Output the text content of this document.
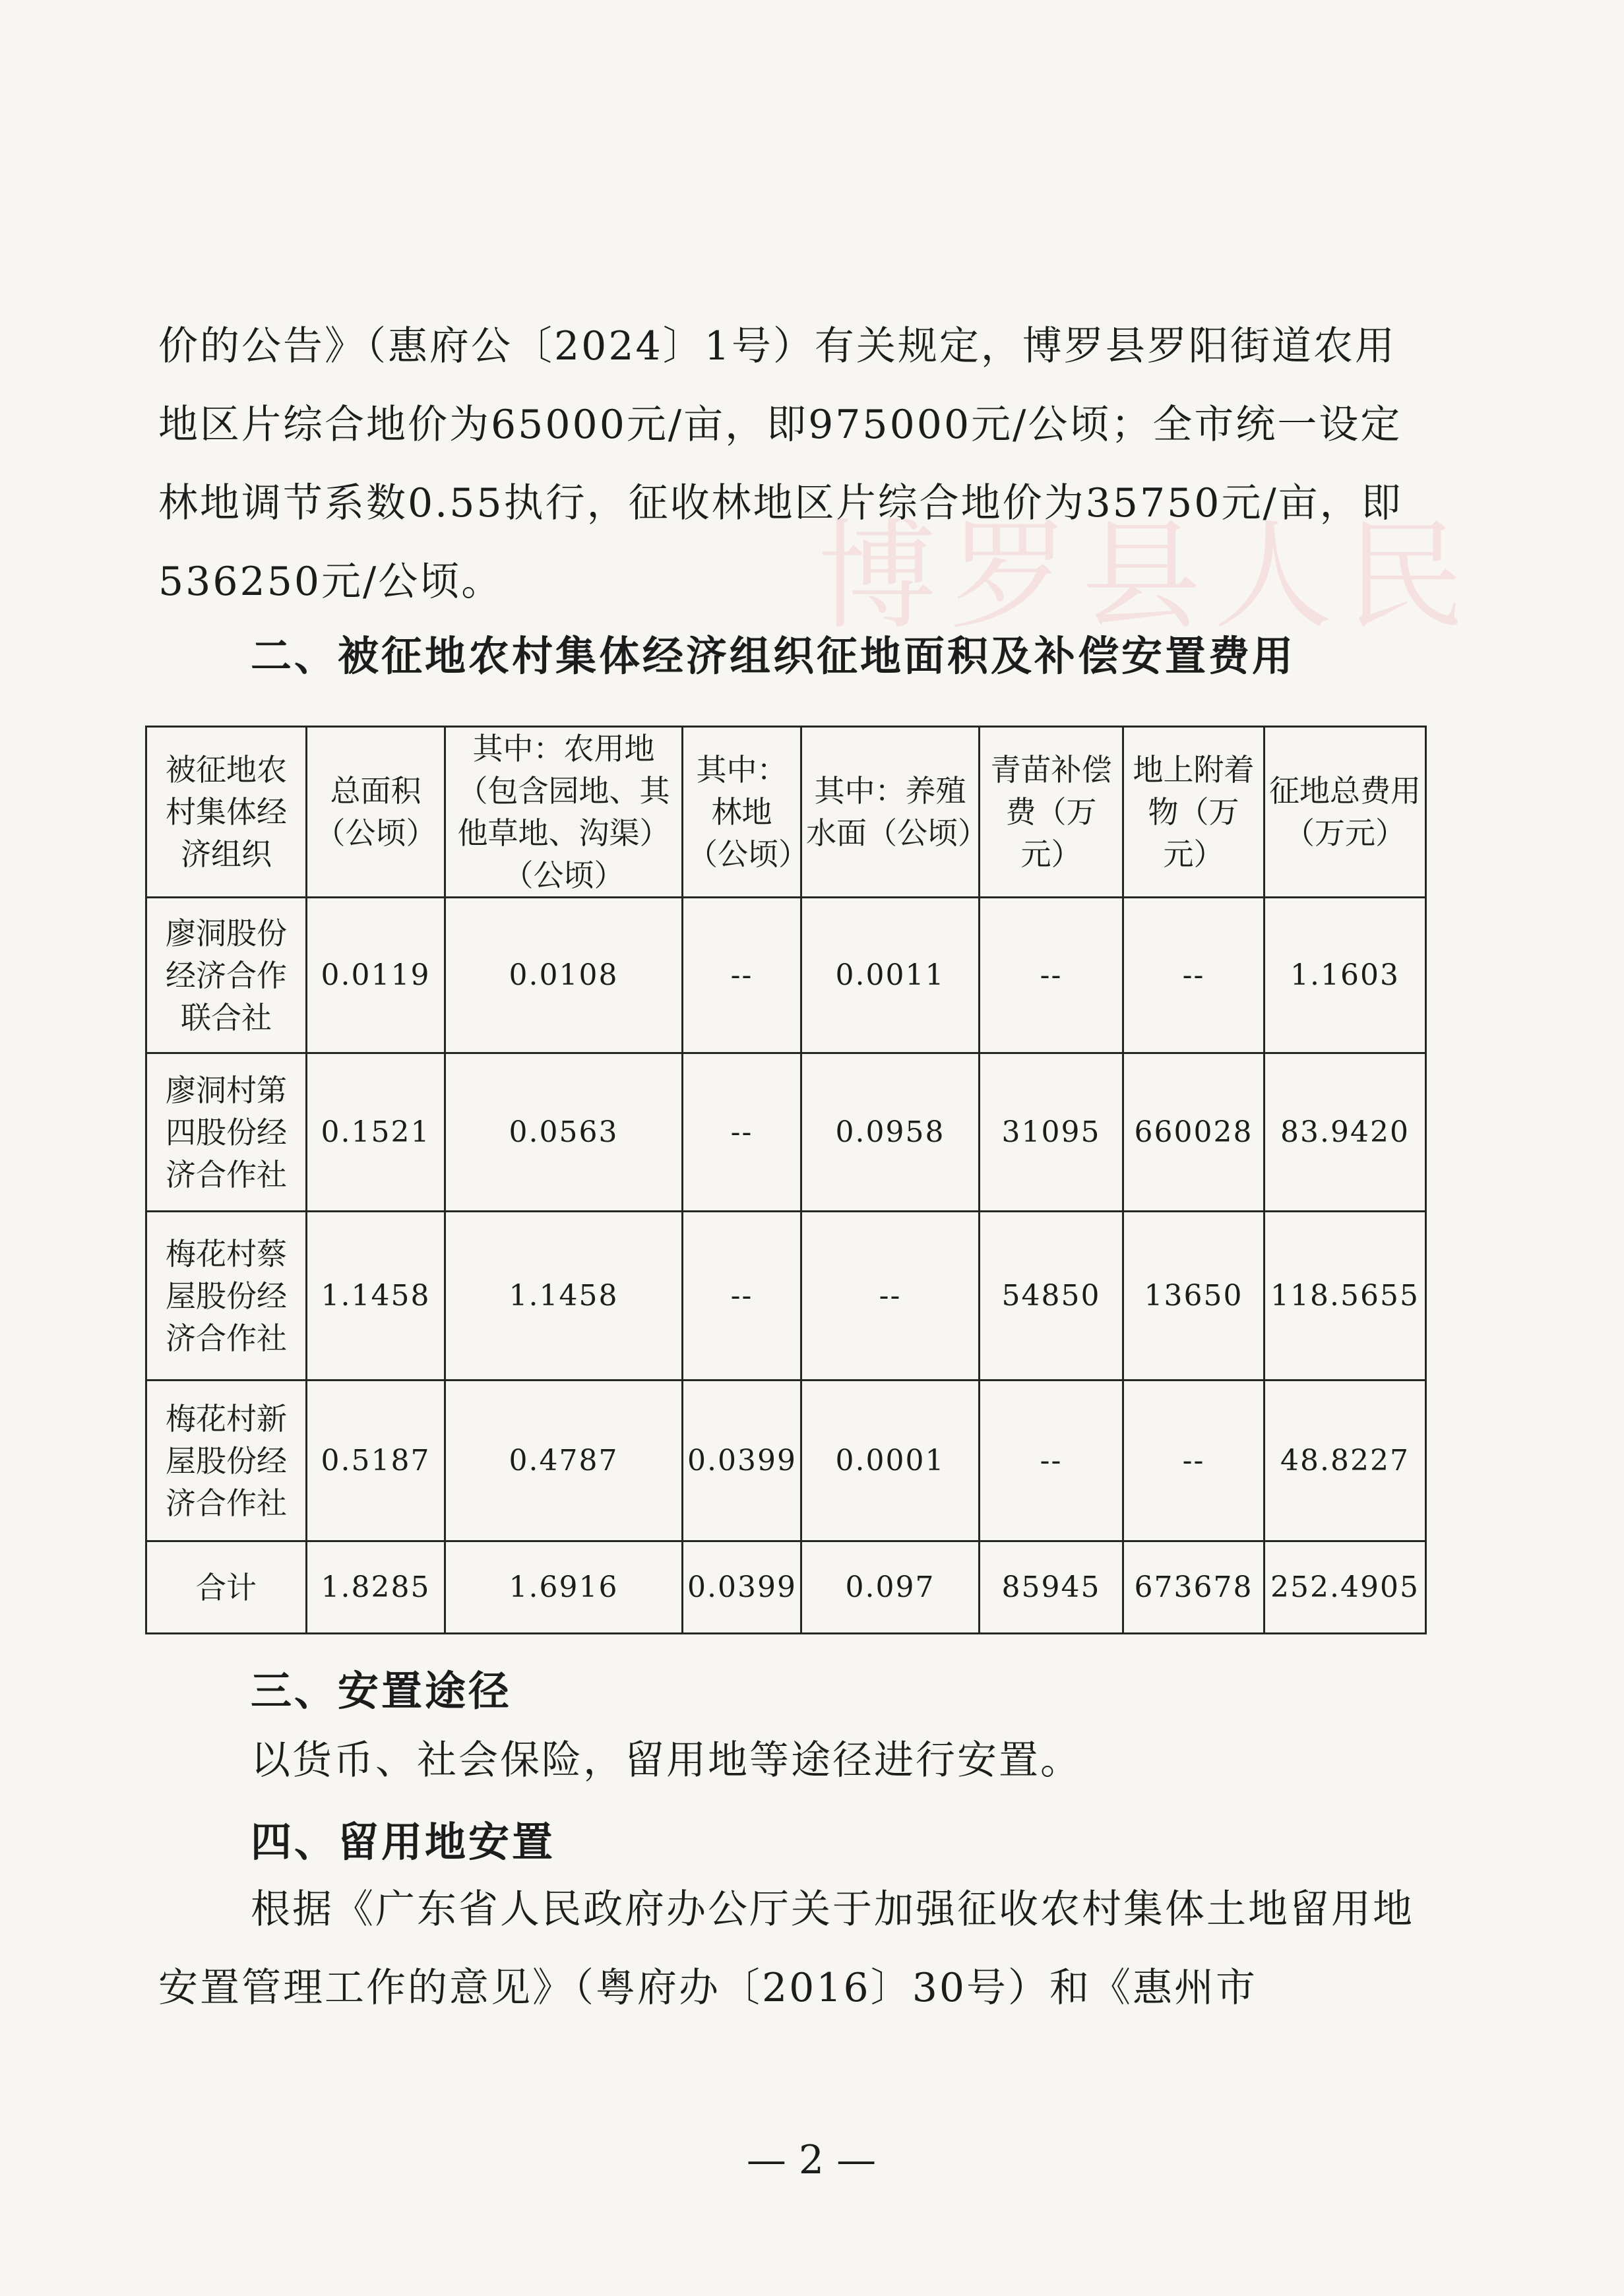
博罗县人民
价的公告》（惠府公〔2024〕1号）有关规定，博罗县罗阳街道农用地区片综合地价为65000元/亩，即975000元/公顷；全市统一设定林地调节系数0.55执行，征收林地区片综合地价为35750元/亩，即536250元/公顷。
二、被征地农村集体经济组织征地面积及补偿安置费用
被征地农村集体经济组织	总面积（公顷）	其中：农用地（包含园地、其他草地、沟渠）（公顷）	其中：林地（公顷）	其中：养殖水面（公顷）	青苗补偿费（万元）	地上附着物（万元）	征地总费用（万元）
廖洞股份经济合作联合社	0.0119	0.0108	--	0.0011	--	--	1.1603
廖洞村第四股份经济合作社	0.1521	0.0563	--	0.0958	31095	660028	83.9420
梅花村蔡屋股份经济合作社	1.1458	1.1458	--	--	54850	13650	118.5655
梅花村新屋股份经济合作社	0.5187	0.4787	0.0399	0.0001	--	--	48.8227
合计	1.8285	1.6916	0.0399	0.097	85945	673678	252.4905
三、安置途径
以货币、社会保险，留用地等途径进行安置。
四、留用地安置
根据《广东省人民政府办公厅关于加强征收农村集体土地留用地安置管理工作的意见》（粤府办〔2016〕30号）和《惠州市
— 2 —
